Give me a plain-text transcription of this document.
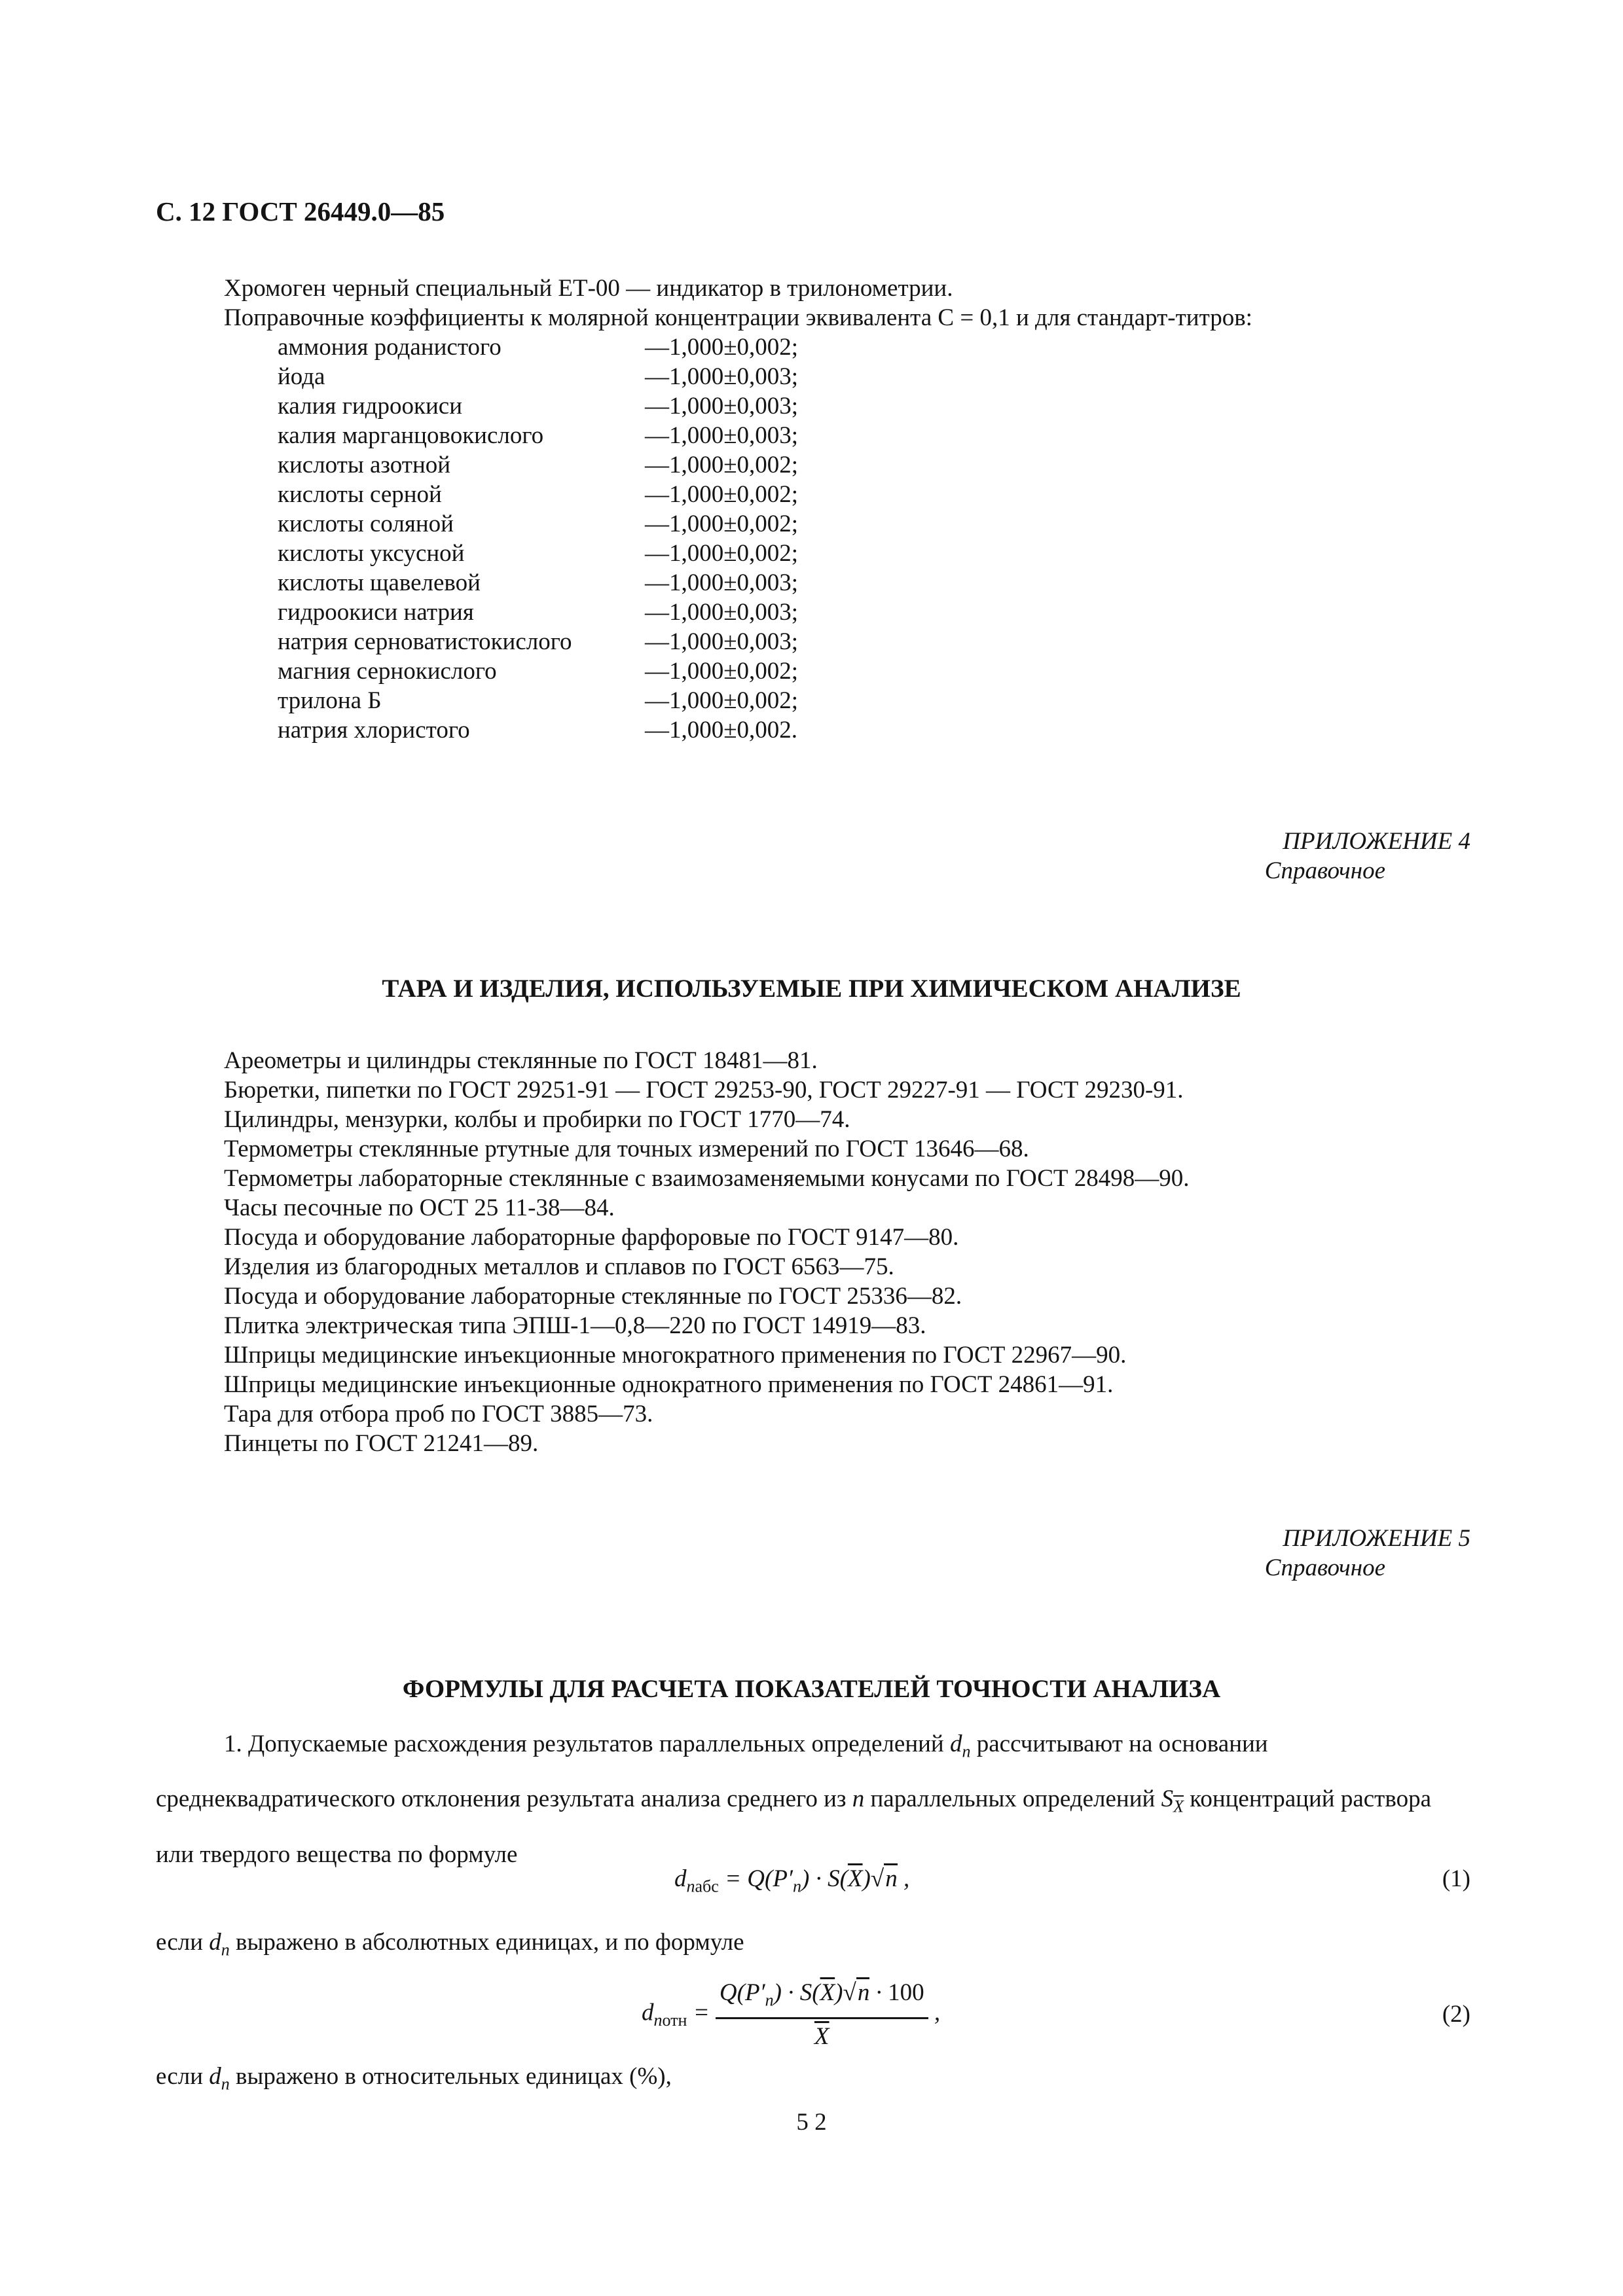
С. 12 ГОСТ 26449.0—85
Хромоген черный специальный ЕТ-00 — индикатор в трилонометрии.
Поправочные коэффициенты к молярной концентрации эквивалента С = 0,1 и для стандарт-титров:
аммония роданистого	—1,000±0,002;
йода	—1,000±0,003;
калия гидроокиси	—1,000±0,003;
калия марганцовокислого	—1,000±0,003;
кислоты азотной	—1,000±0,002;
кислоты серной	—1,000±0,002;
кислоты соляной	—1,000±0,002;
кислоты уксусной	—1,000±0,002;
кислоты щавелевой	—1,000±0,003;
гидроокиси натрия	—1,000±0,003;
натрия серноватистокислого	—1,000±0,003;
магния сернокислого	—1,000±0,002;
трилона Б	—1,000±0,002;
натрия хлористого	—1,000±0,002.
ПРИЛОЖЕНИЕ 4
Справочное
ТАРА И ИЗДЕЛИЯ, ИСПОЛЬЗУЕМЫЕ ПРИ ХИМИЧЕСКОМ АНАЛИЗЕ
Ареометры и цилиндры стеклянные по ГОСТ 18481—81.
Бюретки, пипетки по ГОСТ 29251-91 — ГОСТ 29253-90, ГОСТ 29227-91 — ГОСТ 29230-91.
Цилиндры, мензурки, колбы и пробирки по ГОСТ 1770—74.
Термометры стеклянные ртутные для точных измерений по ГОСТ 13646—68.
Термометры лабораторные стеклянные с взаимозаменяемыми конусами по ГОСТ 28498—90.
Часы песочные по ОСТ 25 11-38—84.
Посуда и оборудование лабораторные фарфоровые по ГОСТ 9147—80.
Изделия из благородных металлов и сплавов по ГОСТ 6563—75.
Посуда и оборудование лабораторные стеклянные по ГОСТ 25336—82.
Плитка электрическая типа ЭПШ-1—0,8—220 по ГОСТ 14919—83.
Шприцы медицинские инъекционные многократного применения по ГОСТ 22967—90.
Шприцы медицинские инъекционные однократного применения по ГОСТ 24861—91.
Тара для отбора проб по ГОСТ 3885—73.
Пинцеты по ГОСТ 21241—89.
ПРИЛОЖЕНИЕ 5
Справочное
ФОРМУЛЫ ДЛЯ РАСЧЕТА ПОКАЗАТЕЛЕЙ ТОЧНОСТИ АНАЛИЗА
1. Допускаемые расхождения результатов параллельных определений $d_n$ рассчитывают на основании среднеквадратического отклонения результата анализа среднего из n параллельных определений $S_{\overline{X}}$ концентраций раствора или твердого вещества по формуле
$d_{nабс} = Q(P'_n) \cdot S(\overline{X})√n$ ,	(1)
если $d_n$ выражено в абсолютных единицах, и по формуле
$d_{nотн} = \frac{Q(P'_n) \cdot S(\overline{X})√n \cdot 100}{X}$ ,	(2)
если $d_n$ выражено в относительных единицах (%),
5 2
